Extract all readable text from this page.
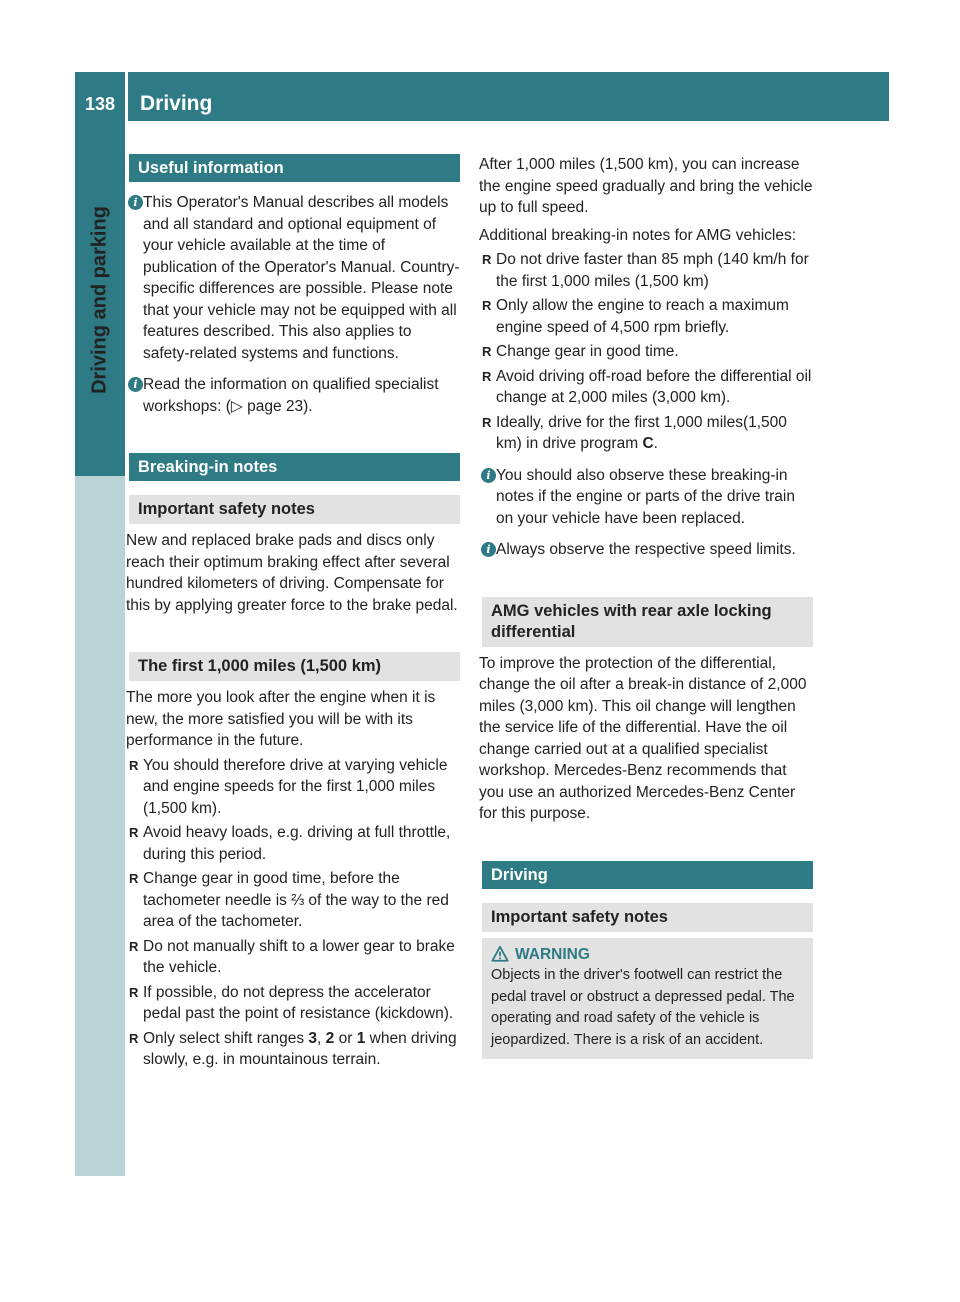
138	Driving
Driving and parking
Useful information
i This Operator's Manual describes all models and all standard and optional equipment of your vehicle available at the time of publication of the Operator's Manual. Country-specific differences are possible. Please note that your vehicle may not be equipped with all features described. This also applies to safety-related systems and functions.
i Read the information on qualified specialist workshops: (▷ page 23).
Breaking-in notes
Important safety notes

New and replaced brake pads and discs only reach their optimum braking effect after several hundred kilometers of driving. Compensate for this by applying greater force to the brake pedal.

The first 1,000 miles (1,500 km)

The more you look after the engine when it is new, the more satisfied you will be with its performance in the future.

R You should therefore drive at varying vehicle and engine speeds for the first 1,000 miles (1,500 km).
R Avoid heavy loads, e.g. driving at full throttle, during this period.
R Change gear in good time, before the tachometer needle is ⅔ of the way to the red area of the tachometer.
R Do not manually shift to a lower gear to brake the vehicle.
R If possible, do not depress the accelerator pedal past the point of resistance (kickdown).
R Only select shift ranges 3, 2 or 1 when driving slowly, e.g. in mountainous terrain.

After 1,000 miles (1,500 km), you can increase the engine speed gradually and bring the vehicle up to full speed.

Additional breaking-in notes for AMG vehicles:

R Do not drive faster than 85 mph (140 km/h for the first 1,000 miles (1,500 km)
R Only allow the engine to reach a maximum engine speed of 4,500 rpm briefly.
R Change gear in good time.
R Avoid driving off-road before the differential oil change at 2,000 miles (3,000 km).
R Ideally, drive for the first 1,000 miles(1,500 km) in drive program C.
i You should also observe these breaking-in notes if the engine or parts of the drive train on your vehicle have been replaced.
i Always observe the respective speed limits.
AMG vehicles with rear axle locking differential

To improve the protection of the differential, change the oil after a break-in distance of 2,000 miles (3,000 km). This oil change will lengthen the service life of the differential. Have the oil change carried out at a qualified specialist workshop. Mercedes-Benz recommends that you use an authorized Mercedes-Benz Center for this purpose.

Driving
Important safety notes
WARNING

Objects in the driver's footwell can restrict the pedal travel or obstruct a depressed pedal. The operating and road safety of the vehicle is jeopardized. There is a risk of an accident.
